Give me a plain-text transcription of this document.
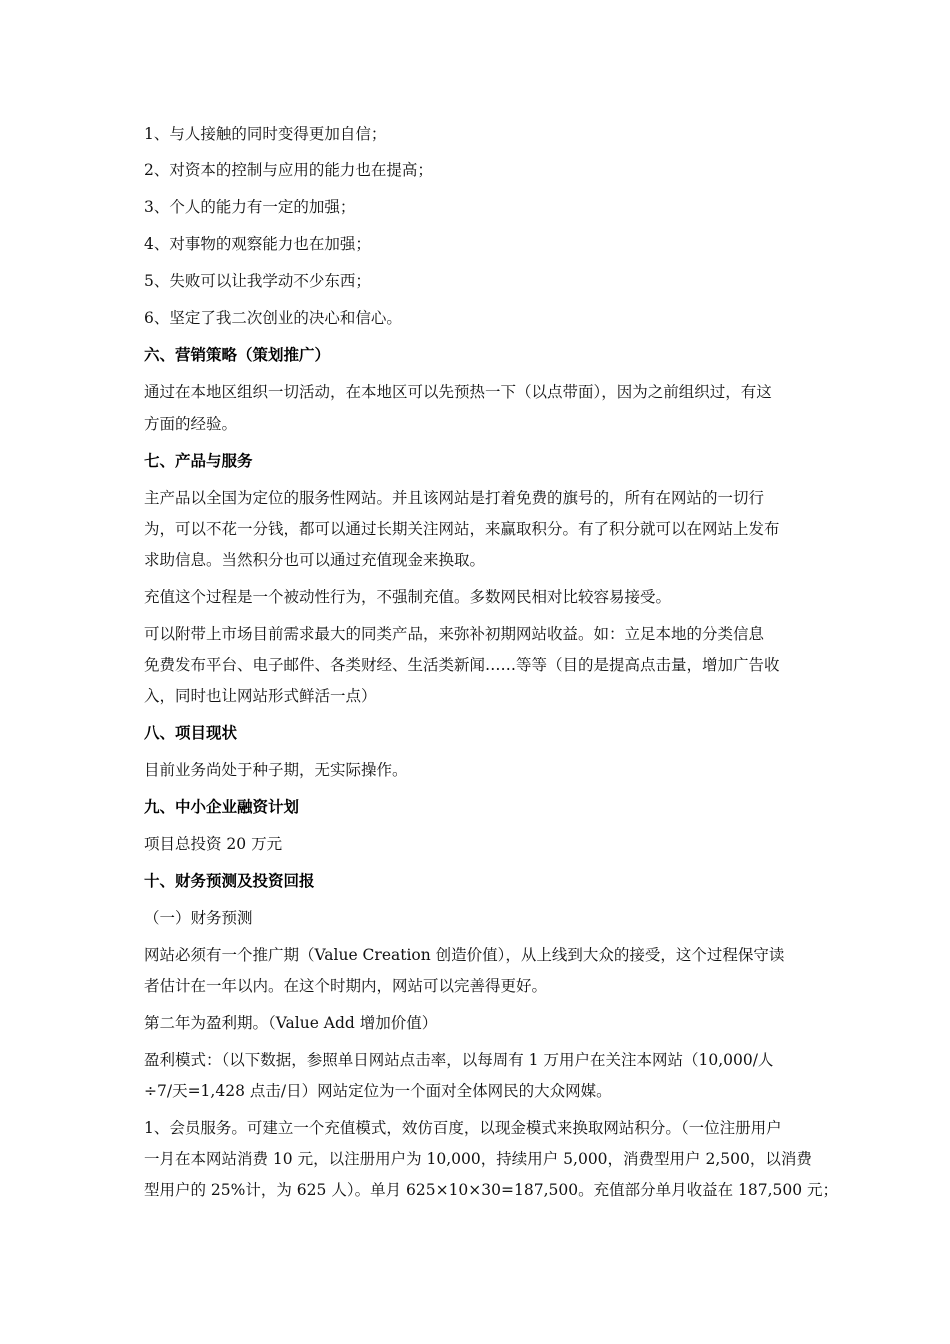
1、与人接触的同时变得更加自信；
2、对资本的控制与应用的能力也在提高；
3、个人的能力有一定的加强；
4、对事物的观察能力也在加强；
5、失败可以让我学动不少东西；
6、坚定了我二次创业的决心和信心。
六、营销策略（策划推广）
通过在本地区组织一切活动，在本地区可以先预热一下（以点带面），因为之前组织过，有这
方面的经验。
七、产品与服务
主产品以全国为定位的服务性网站。并且该网站是打着免费的旗号的，所有在网站的一切行
为，可以不花一分钱，都可以通过长期关注网站，来赢取积分。有了积分就可以在网站上发布
求助信息。当然积分也可以通过充值现金来换取。
充值这个过程是一个被动性行为，不强制充值。多数网民相对比较容易接受。
可以附带上市场目前需求最大的同类产品，来弥补初期网站收益。如：立足本地的分类信息
免费发布平台、电子邮件、各类财经、生活类新闻……等等（目的是提高点击量，增加广告收
入，同时也让网站形式鲜活一点）
八、项目现状
目前业务尚处于种子期，无实际操作。
九、中小企业融资计划
项目总投资 20 万元
十、财务预测及投资回报
（一）财务预测
网站必须有一个推广期（Value Creation 创造价值），从上线到大众的接受，这个过程保守读
者估计在一年以内。在这个时期内，网站可以完善得更好。
第二年为盈利期。（Value Add 增加价值）
盈利模式：（以下数据，参照单日网站点击率，以每周有 1 万用户在关注本网站（10,000/人
÷7/天=1,428 点击/日）网站定位为一个面对全体网民的大众网媒。
1、会员服务。可建立一个充值模式，效仿百度，以现金模式来换取网站积分。（一位注册用户
一月在本网站消费 10 元，以注册用户为 10,000，持续用户 5,000，消费型用户 2,500，以消费
型用户的 25%计，为 625 人）。单月 625×10×30=187,500。充值部分单月收益在 187,500 元；
